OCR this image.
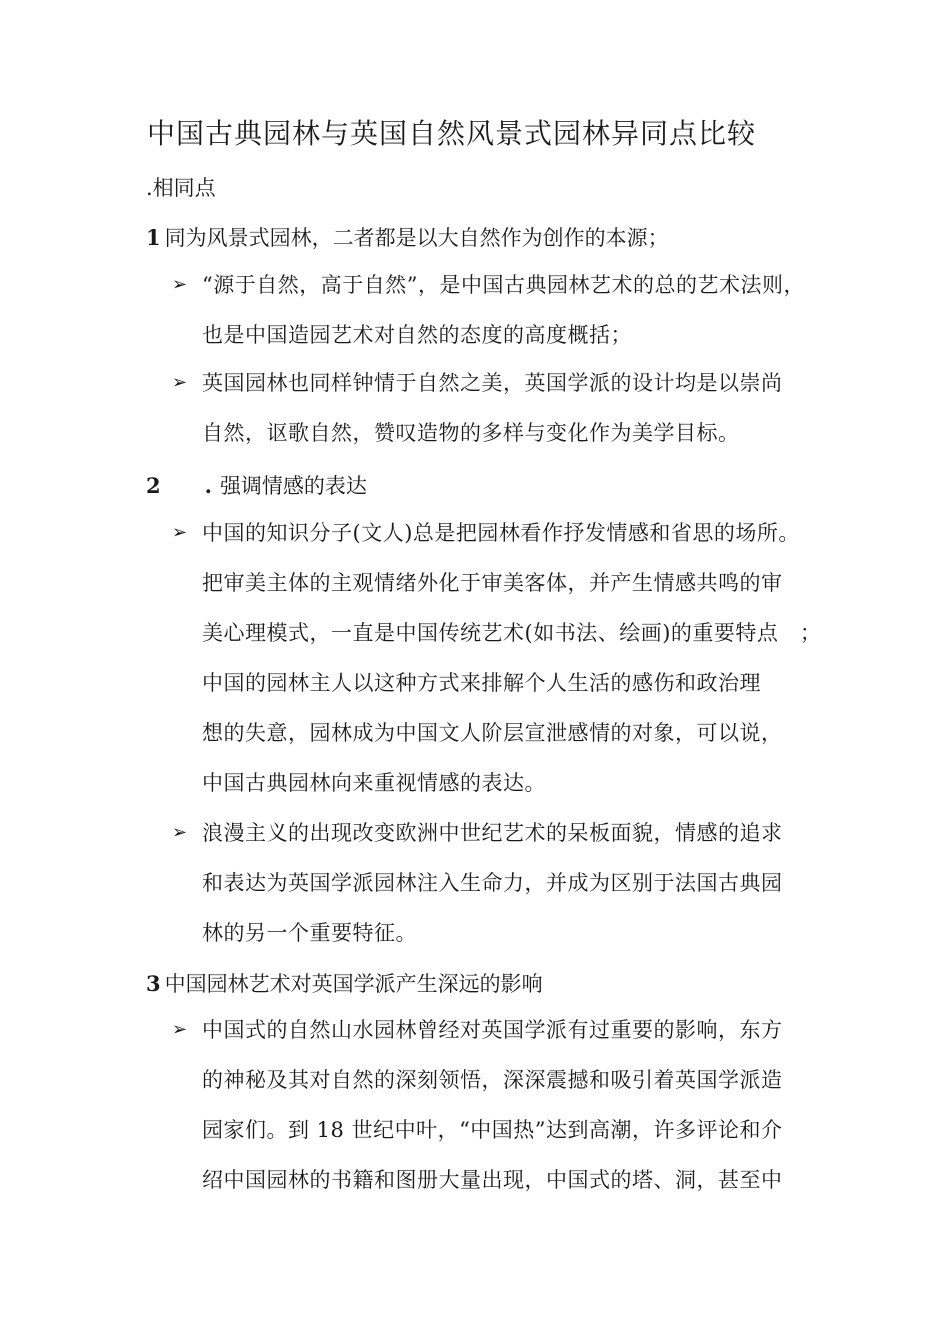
中国古典园林与英国自然风景式园林异同点比较
.相同点
1 同为风景式园林，二者都是以大自然作为创作的本源；
➢ “源于自然，高于自然”，是中国古典园林艺术的总的艺术法则，
也是中国造园艺术对自然的态度的高度概括；
➢ 英国园林也同样钟情于自然之美，英国学派的设计均是以崇尚
自然，讴歌自然，赞叹造物的多样与变化作为美学目标。
2 . 强调情感的表达
➢ 中国的知识分子(文人)总是把园林看作抒发情感和省思的场所。
把审美主体的主观情绪外化于审美客体，并产生情感共鸣的审
美心理模式，一直是中国传统艺术(如书法、绘画)的重要特点　；
中国的园林主人以这种方式来排解个人生活的感伤和政治理
想的失意，园林成为中国文人阶层宣泄感情的对象，可以说，
中国古典园林向来重视情感的表达。
➢ 浪漫主义的出现改变欧洲中世纪艺术的呆板面貌，情感的追求
和表达为英国学派园林注入生命力，并成为区别于法国古典园
林的另一个重要特征。
3 中国园林艺术对英国学派产生深远的影响
➢ 中国式的自然山水园林曾经对英国学派有过重要的影响，东方
的神秘及其对自然的深刻领悟，深深震撼和吸引着英国学派造
园家们。到 18 世纪中叶，“中国热”达到高潮，许多评论和介
绍中国园林的书籍和图册大量出现，中国式的塔、洞，甚至中
